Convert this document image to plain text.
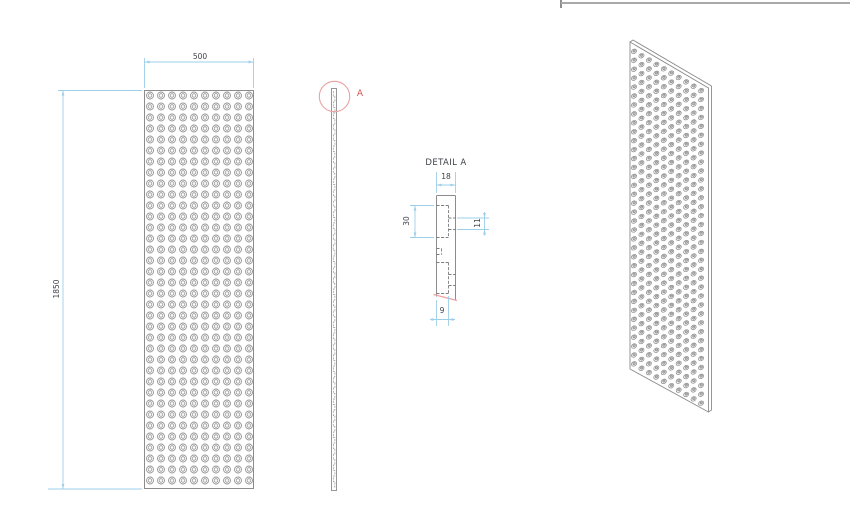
500
1850
A
DETAIL A
18
30	11
9
